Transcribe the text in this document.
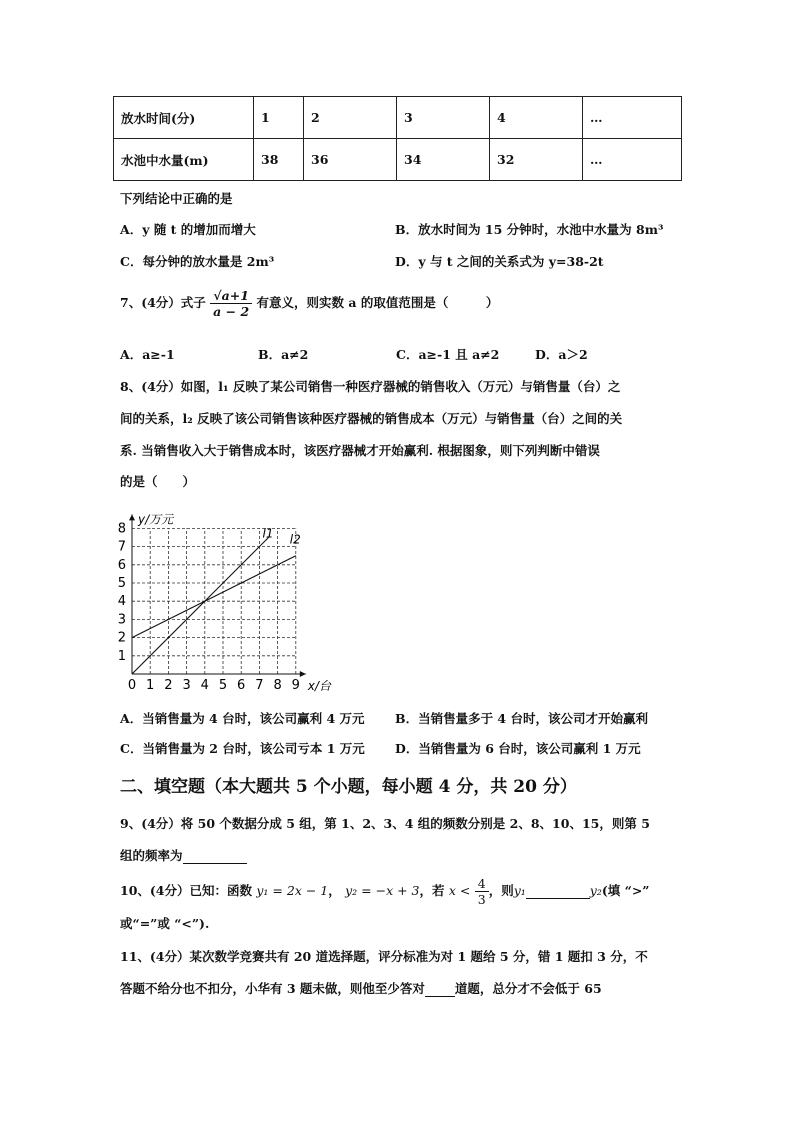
放水时间(分)	1	2	3	4	…
水池中水量(m)	38	36	34	32	…
下列结论中正确的是
A．y 随 t 的增加而增大	B．放水时间为 15 分钟时，水池中水量为 8m³
C．每分钟的放水量是 2m³	D．y 与 t 之间的关系式为 y=38-2t
7、(4分）式子 $\frac{√a+1}{a - 2}$ 有意义，则实数 a 的取值范围是（　　　）
A．a≥-1	B．a≠2	C．a≥-1 且 a≠2	D．a＞2
8、(4分）如图，l₁ 反映了某公司销售一种医疗器械的销售收入（万元）与销售量（台）之
间的关系，l₂ 反映了该公司销售该种医疗器械的销售成本（万元）与销售量（台）之间的关
系. 当销售收入大于销售成本时，该医疗器械才开始赢利. 根据图象，则下列判断中错误
的是（　　）
0 1 2 3 4 5 6 7 8 9
1
2
3
4
5
6
7
8	l1 l2
x/台
y/万元
A．当销售量为 4 台时，该公司赢利 4 万元 B．当销售量多于 4 台时，该公司才开始赢利
C．当销售量为 2 台时，该公司亏本 1 万元 D．当销售量为 6 台时，该公司赢利 1 万元
二、填空题（本大题共 5 个小题，每小题 4 分，共 20 分）
9、(4分）将 50 个数据分成 5 组，第 1、2、3、4 组的频数分别是 2、8、10、15，则第 5
组的频率为
10、(4分）已知：函数 y₁ = 2x − 1， y₂ = −x + 3，若 $x < \frac{4}{3}$ ，则y₁	y₂(填 “>”
或“=”或 “<”).
11、(4分）某次数学竞赛共有 20 道选择题，评分标准为对 1 题给 5 分，错 1 题扣 3 分，不
答题不给分也不扣分，小华有 3 题未做，则他至少答对 道题，总分才不会低于 65
